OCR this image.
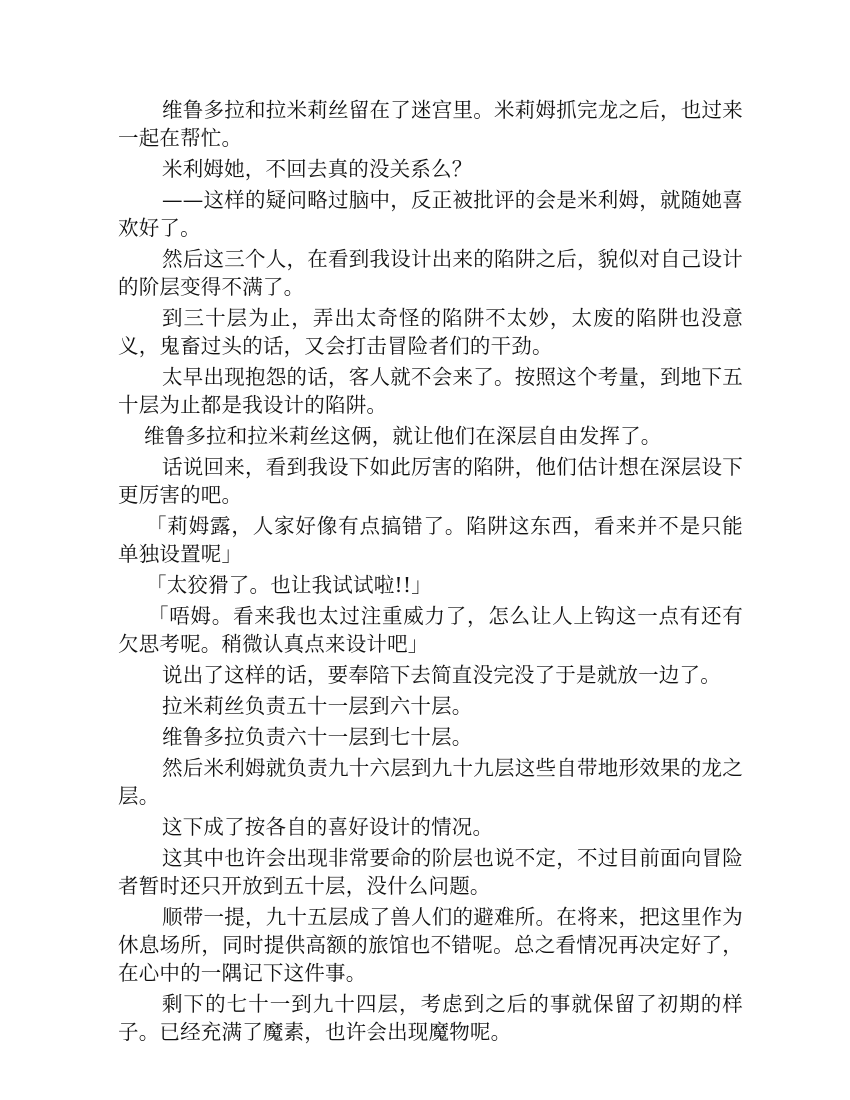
维鲁多拉和拉米莉丝留在了迷宫里。米莉姆抓完龙之后，也过来一起在帮忙。

米利姆她，不回去真的没关系么？

——这样的疑问略过脑中，反正被批评的会是米利姆，就随她喜欢好了。

然后这三个人，在看到我设计出来的陷阱之后，貌似对自己设计的阶层变得不满了。

到三十层为止，弄出太奇怪的陷阱不太妙，太废的陷阱也没意义，鬼畜过头的话，又会打击冒险者们的干劲。

太早出现抱怨的话，客人就不会来了。按照这个考量，到地下五十层为止都是我设计的陷阱。

维鲁多拉和拉米莉丝这俩，就让他们在深层自由发挥了。

话说回来，看到我设下如此厉害的陷阱，他们估计想在深层设下更厉害的吧。

「莉姆露，人家好像有点搞错了。陷阱这东西，看来并不是只能单独设置呢」

「太狡猾了。也让我试试啦!!」

「唔姆。看来我也太过注重威力了，怎么让人上钩这一点有还有欠思考呢。稍微认真点来设计吧」

说出了这样的话，要奉陪下去简直没完没了于是就放一边了。

拉米莉丝负责五十一层到六十层。

维鲁多拉负责六十一层到七十层。

然后米利姆就负责九十六层到九十九层这些自带地形效果的龙之层。

这下成了按各自的喜好设计的情况。

这其中也许会出现非常要命的阶层也说不定，不过目前面向冒险者暂时还只开放到五十层，没什么问题。

顺带一提，九十五层成了兽人们的避难所。在将来，把这里作为休息场所，同时提供高额的旅馆也不错呢。总之看情况再决定好了，在心中的一隅记下这件事。

剩下的七十一到九十四层，考虑到之后的事就保留了初期的样子。已经充满了魔素，也许会出现魔物呢。
